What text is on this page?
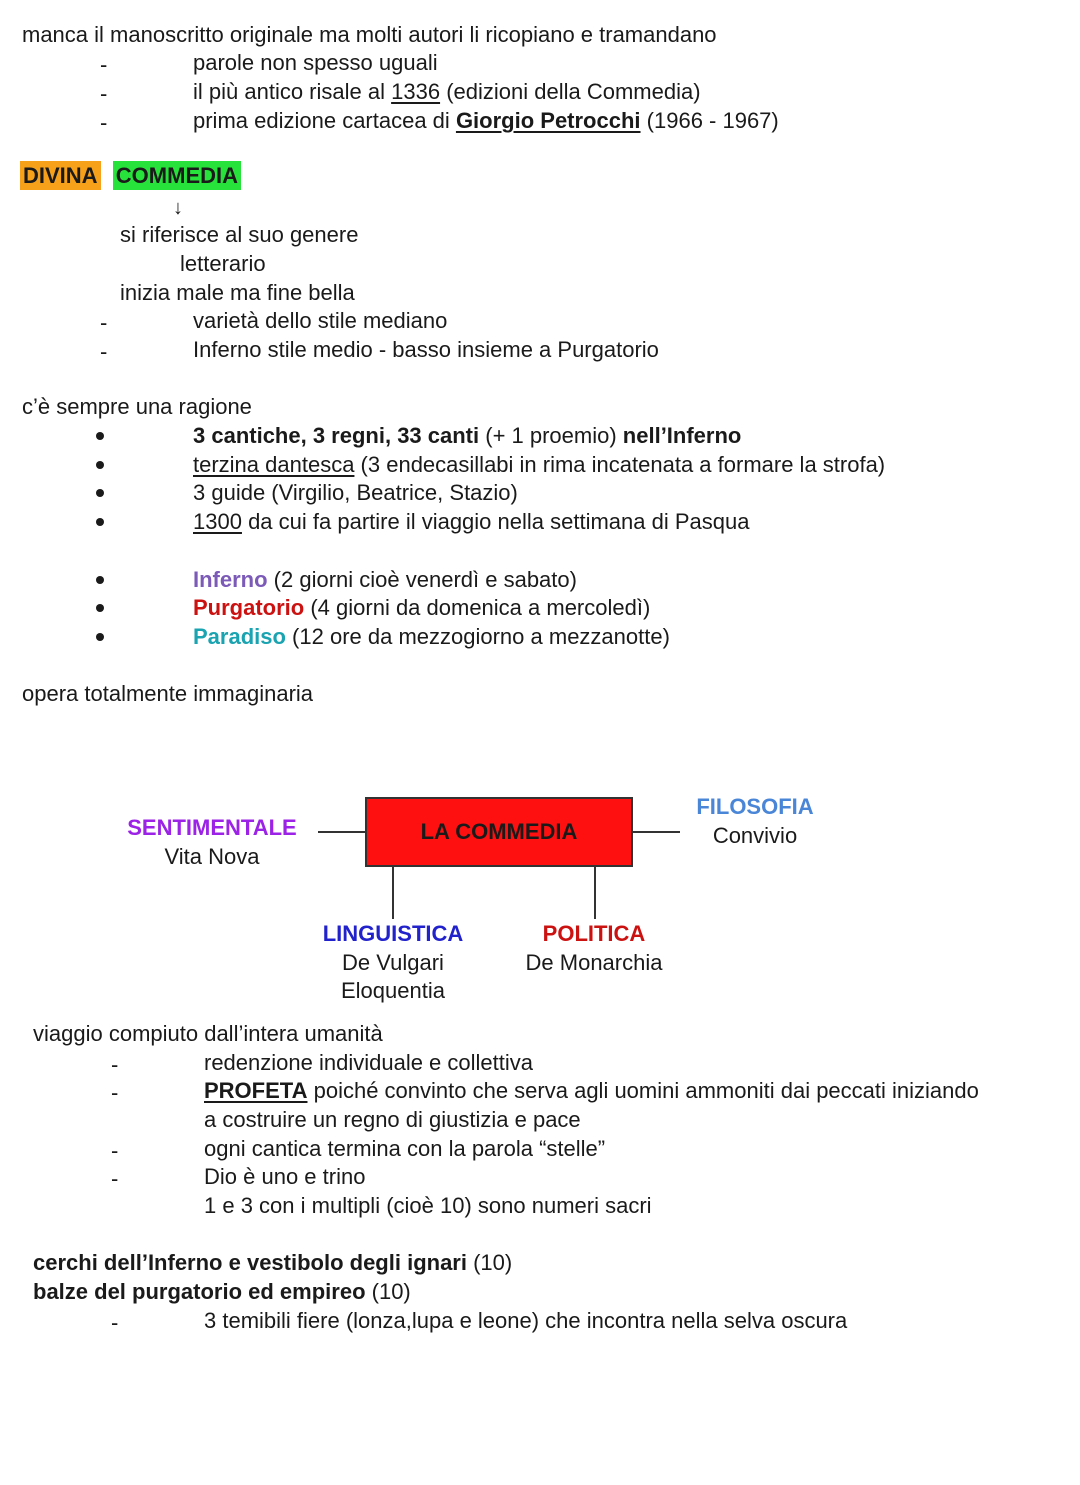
manca il manoscritto originale ma molti autori li ricopiano e tramandano
-	parole non spesso uguali
-	il più antico risale al 1336 (edizioni della Commedia)
-	prima edizione cartacea di Giorgio Petrocchi (1966 - 1967)
DIVINA COMMEDIA
↓
si riferisce al suo genere
letterario
inizia male ma fine bella
-	varietà dello stile mediano
-	Inferno stile medio - basso insieme a Purgatorio
c’è sempre una ragione
3 cantiche, 3 regni, 33 canti (+ 1 proemio) nell’Inferno
terzina dantesca (3 endecasillabi in rima incatenata a formare la strofa)
3 guide (Virgilio, Beatrice, Stazio)
1300 da cui fa partire il viaggio nella settimana di Pasqua
Inferno (2 giorni cioè venerdì e sabato)
Purgatorio (4 giorni da domenica a mercoledì)
Paradiso (12 ore da mezzogiorno a mezzanotte)
opera totalmente immaginaria
LA COMMEDIA
SENTIMENTALE
Vita Nova
FILOSOFIA
Convivio
LINGUISTICA
De Vulgari
Eloquentia
POLITICA
De Monarchia
viaggio compiuto dall’intera umanità
-	redenzione individuale e collettiva
-	PROFETA poiché convinto che serva agli uomini ammoniti dai peccati iniziando
a costruire un regno di giustizia e pace
-	ogni cantica termina con la parola “stelle”
-	Dio è uno e trino
1 e 3 con i multipli (cioè 10) sono numeri sacri
cerchi dell’Inferno e vestibolo degli ignari (10)
balze del purgatorio ed empireo (10)
-	3 temibili fiere (lonza,lupa e leone) che incontra nella selva oscura
